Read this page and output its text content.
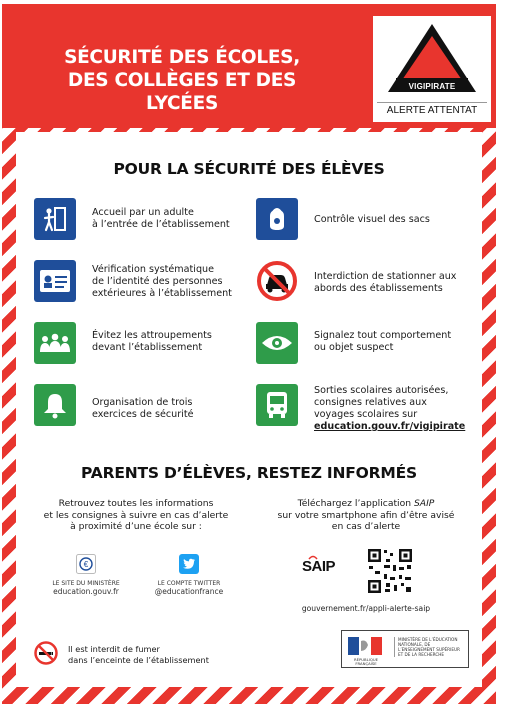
SÉCURITÉ DES ÉCOLES,
DES COLLÈGES ET DES LYCÉES
VIGIPIRATE
ALERTE ATTENTAT
POUR LA SÉCURITÉ DES ÉLÈVES
Accueil par un adulte
à l’entrée de l’établissement	Contrôle visuel des sacs
Vérification systématique
de l’identité des personnes
extérieures à l’établissement
Interdiction de stationner aux
abords des établissements
Évitez les attroupements
devant l’établissement
Signalez tout comportement
ou objet suspect
Organisation de trois
exercices de sécurité
Sorties scolaires autorisées,
consignes relatives aux
voyages scolaires sur
education.gouv.fr/vigipirate
PARENTS D’ÉLÈVES, RESTEZ INFORMÉS
Retrouvez toutes les informations
et les consignes à suivre en cas d’alerte
à proximité d’une école sur :
Téléchargez l’application SAIP
sur votre smartphone afin d’être avisé
en cas d’alerte
€
LE SITE DU MINISTÈRE
education.gouv.fr
LE COMPTE TWITTER
@educationfrance
SAIP
gouvernement.fr/appli-alerte-saip
Il est interdit de fumer
dans l’enceinte de l’établissement	RÉPUBLIQUE FRANÇAISE
MINISTÈRE DE L’ÉDUCATION NATIONALE, DE L’ENSEIGNEMENT SUPÉRIEUR ET DE LA RECHERCHE
